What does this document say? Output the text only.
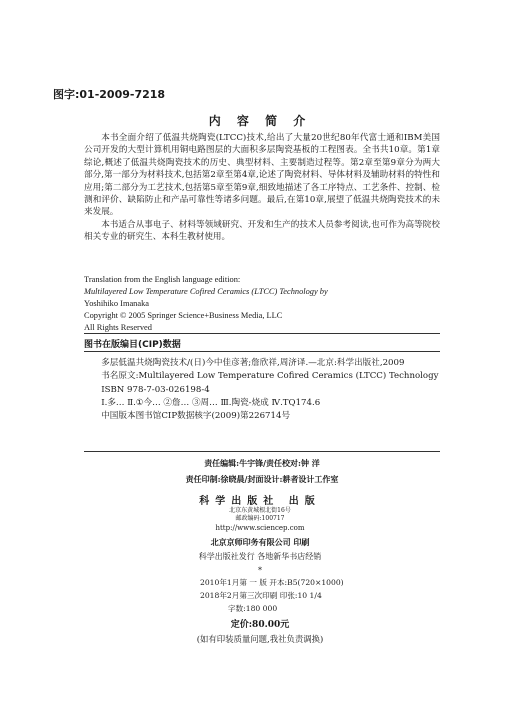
图字:01-2009-7218
内 容 简 介

本书全面介绍了低温共烧陶瓷(LTCC)技术,给出了大量20世纪80年代富士通和IBM美国公司开发的大型计算机用铜电路图层的大面积多层陶瓷基板的工程图表。全书共10章。第1章综论,概述了低温共烧陶瓷技术的历史、典型材料、主要制造过程等。第2章至第9章分为两大部分,第一部分为材料技术,包括第2章至第4章,论述了陶瓷材料、导体材料及辅助材料的特性和应用;第二部分为工艺技术,包括第5章至第9章,细致地描述了各工序特点、工艺条件、控制、检测和评价、缺陷防止和产品可靠性等诸多问题。最后,在第10章,展望了低温共烧陶瓷技术的未来发展。

本书适合从事电子、材料等领域研究、开发和生产的技术人员参考阅读,也可作为高等院校相关专业的研究生、本科生教材使用。

Translation from the English language edition:
Multilayered Low Temperature Cofired Ceramics (LTCC) Technology by
Yoshihiko Imanaka
Copyright © 2005 Springer Science+Business Media, LLC
All Rights Reserved
图书在版编目(CIP)数据

多层低温共烧陶瓷技术/(日)今中佳彦著;詹欣祥,周济译.—北京:科学出版社,2009

书名原文:Multilayered Low Temperature Cofired Ceramics (LTCC) Technology

ISBN 978-7-03-026198-4

Ⅰ.多… Ⅱ.①今… ②詹… ③周… Ⅲ.陶瓷-烧成 Ⅳ.TQ174.6

中国版本图书馆CIP数据核字(2009)第226714号

责任编辑:牛宇锋/责任校对:钟 洋
责任印制:徐晓晨/封面设计:耕者设计工作室
科学出版社 出版
北京东黄城根北街16号
邮政编码:100717
http://www.sciencep.com
北京京师印务有限公司 印刷
科学出版社发行 各地新华书店经销
*
2010年1月第 一 版 开本:B5(720×1000)
2018年2月第三次印刷 印张:10 1/4
字数:180 000
定价:80.00元
(如有印装质量问题,我社负责调换)
